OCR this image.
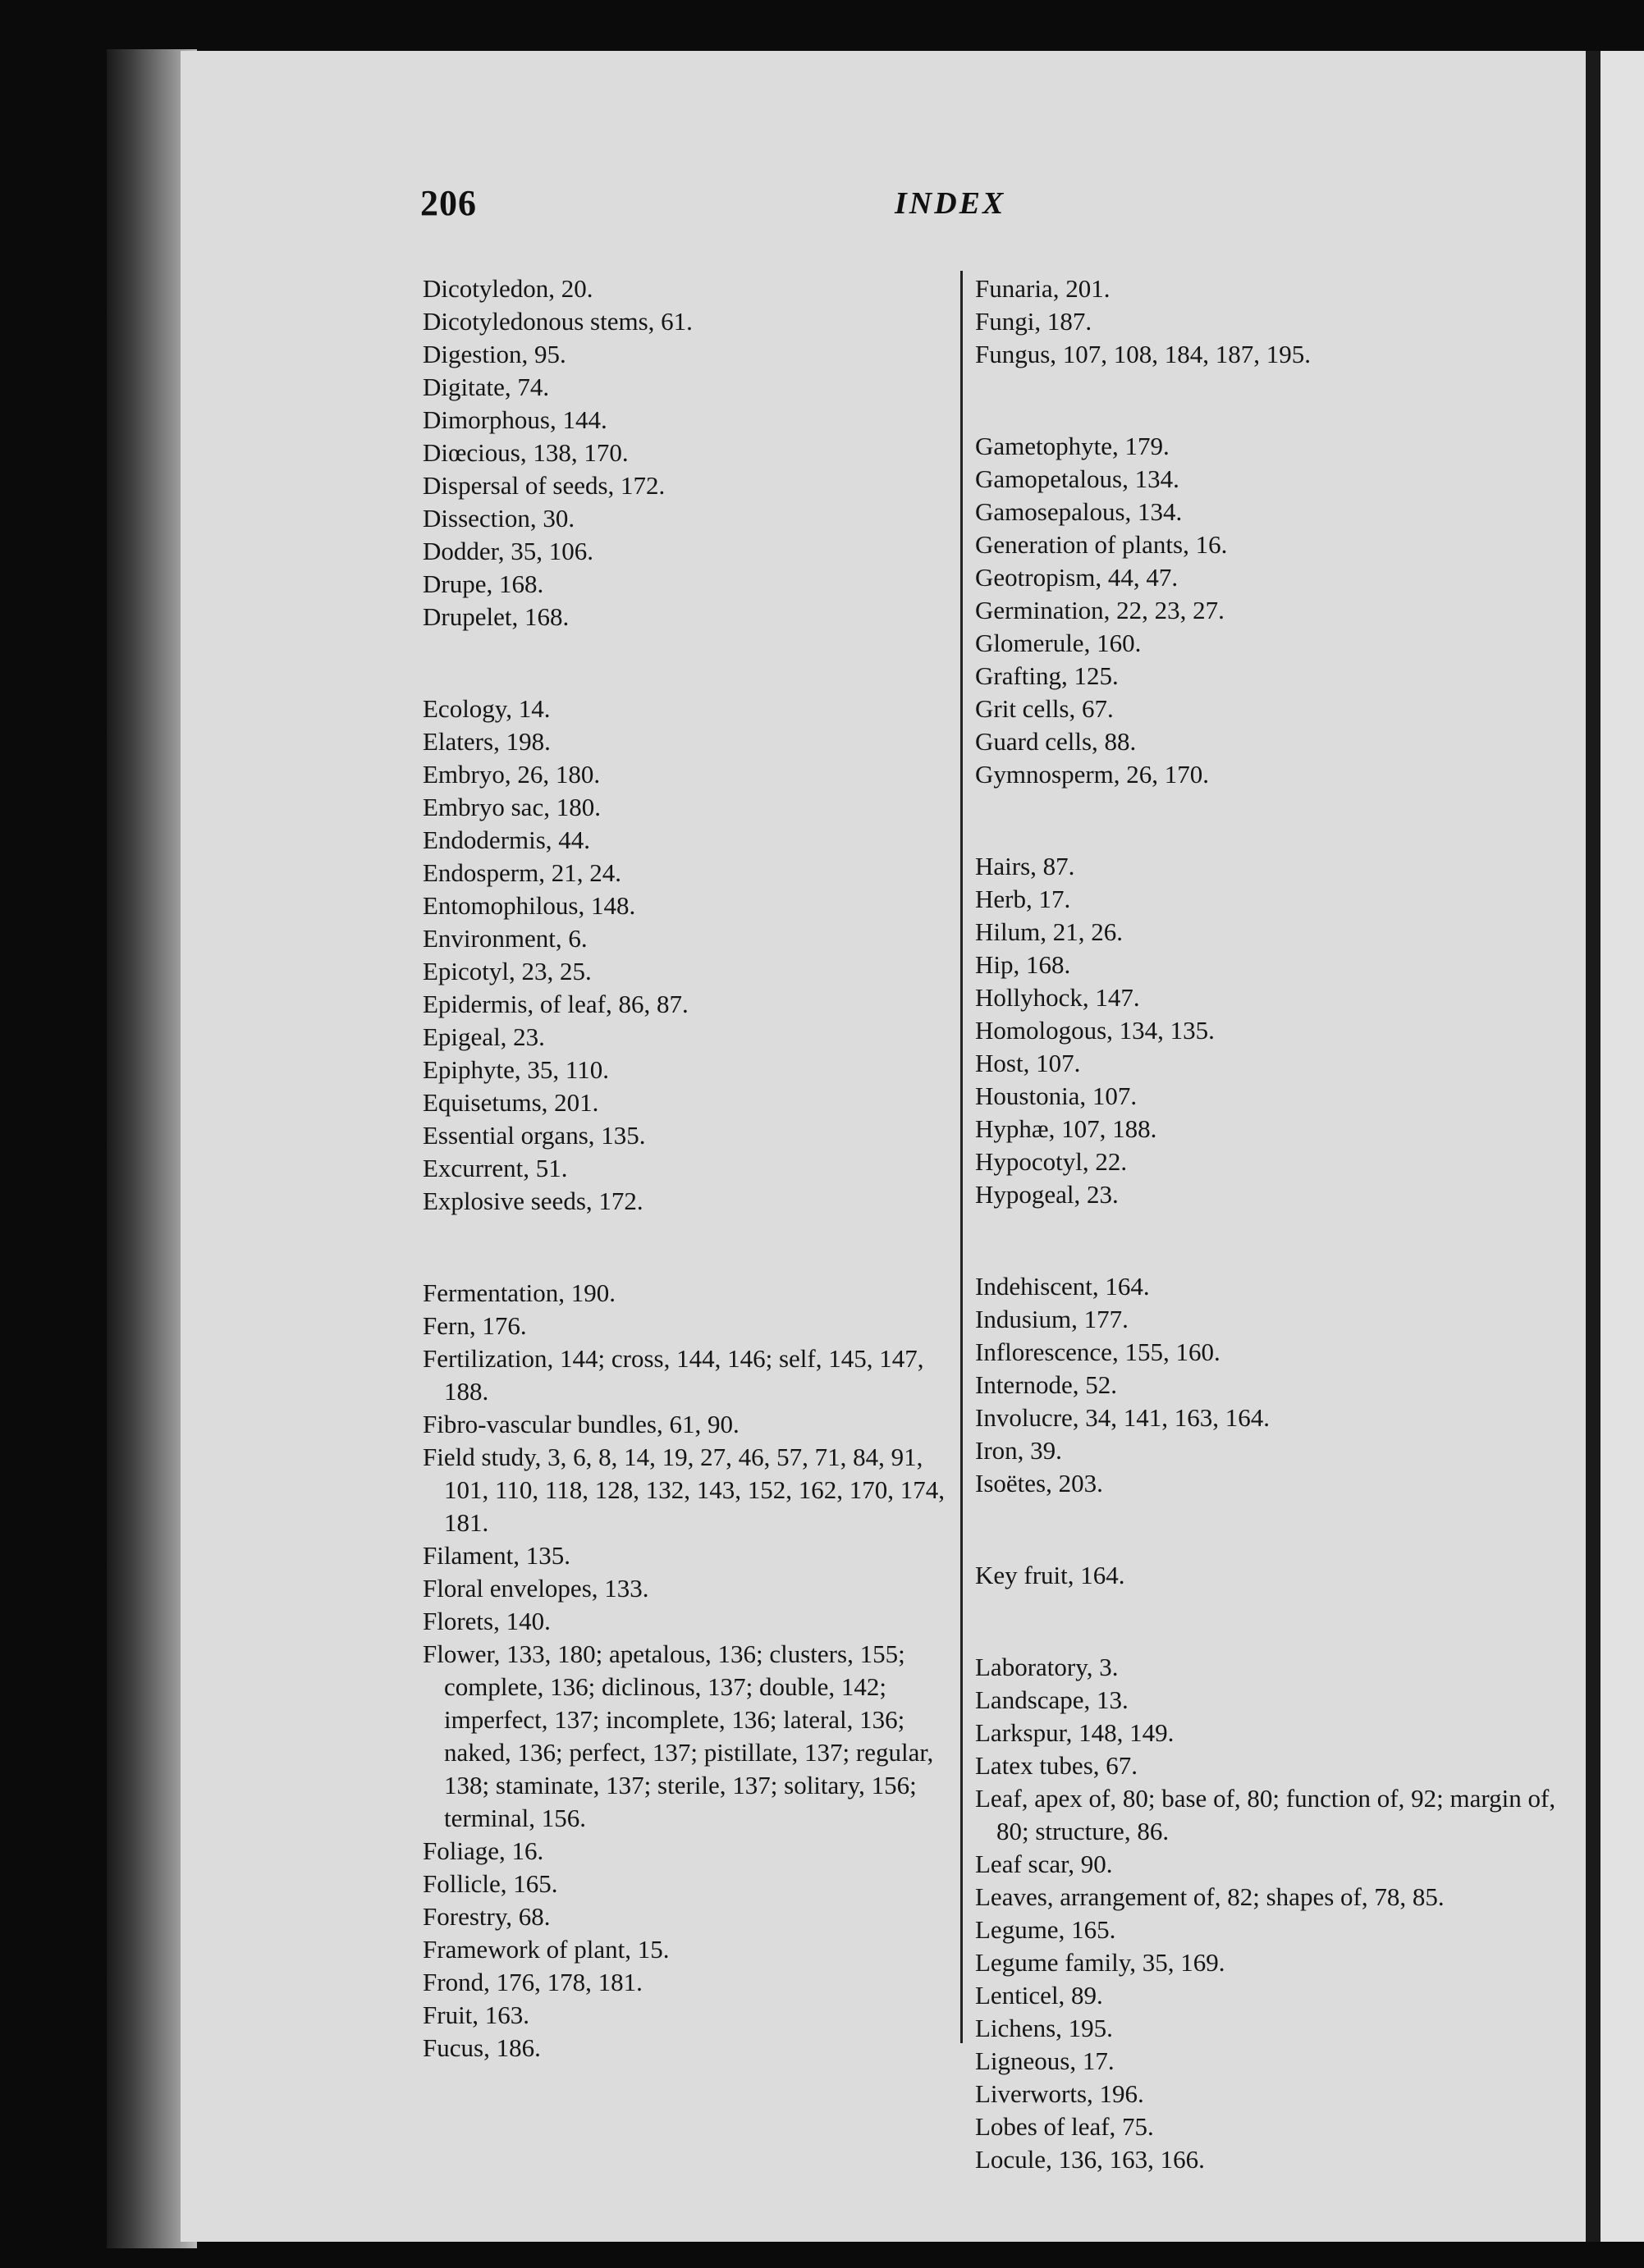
206	INDEX

Dicotyledon, 20.

Dicotyledonous stems, 61.

Digestion, 95.

Digitate, 74.

Dimorphous, 144.

Diœcious, 138, 170.

Dispersal of seeds, 172.

Dissection, 30.

Dodder, 35, 106.

Drupe, 168.

Drupelet, 168.

Ecology, 14.

Elaters, 198.

Embryo, 26, 180.

Embryo sac, 180.

Endodermis, 44.

Endosperm, 21, 24.

Entomophilous, 148.

Environment, 6.

Epicotyl, 23, 25.

Epidermis, of leaf, 86, 87.

Epigeal, 23.

Epiphyte, 35, 110.

Equisetums, 201.

Essential organs, 135.

Excurrent, 51.

Explosive seeds, 172.

Fermentation, 190.

Fern, 176.

Fertilization, 144; cross, 144, 146; self, 145, 147, 188.

Fibro-vascular bundles, 61, 90.

Field study, 3, 6, 8, 14, 19, 27, 46, 57, 71, 84, 91, 101, 110, 118, 128, 132, 143, 152, 162, 170, 174, 181.

Filament, 135.

Floral envelopes, 133.

Florets, 140.

Flower, 133, 180; apetalous, 136; clusters, 155; complete, 136; diclinous, 137; double, 142; imperfect, 137; incomplete, 136; lateral, 136; naked, 136; perfect, 137; pistillate, 137; regular, 138; staminate, 137; sterile, 137; solitary, 156; terminal, 156.

Foliage, 16.

Follicle, 165.

Forestry, 68.

Framework of plant, 15.

Frond, 176, 178, 181.

Fruit, 163.

Fucus, 186.

Funaria, 201.

Fungi, 187.

Fungus, 107, 108, 184, 187, 195.

Gametophyte, 179.

Gamopetalous, 134.

Gamosepalous, 134.

Generation of plants, 16.

Geotropism, 44, 47.

Germination, 22, 23, 27.

Glomerule, 160.

Grafting, 125.

Grit cells, 67.

Guard cells, 88.

Gymnosperm, 26, 170.

Hairs, 87.

Herb, 17.

Hilum, 21, 26.

Hip, 168.

Hollyhock, 147.

Homologous, 134, 135.

Host, 107.

Houstonia, 107.

Hyphæ, 107, 188.

Hypocotyl, 22.

Hypogeal, 23.

Indehiscent, 164.

Indusium, 177.

Inflorescence, 155, 160.

Internode, 52.

Involucre, 34, 141, 163, 164.

Iron, 39.

Isoëtes, 203.

Key fruit, 164.

Laboratory, 3.

Landscape, 13.

Larkspur, 148, 149.

Latex tubes, 67.

Leaf, apex of, 80; base of, 80; function of, 92; margin of, 80; structure, 86.

Leaf scar, 90.

Leaves, arrangement of, 82; shapes of, 78, 85.

Legume, 165.

Legume family, 35, 169.

Lenticel, 89.

Lichens, 195.

Ligneous, 17.

Liverworts, 196.

Lobes of leaf, 75.

Locule, 136, 163, 166.
